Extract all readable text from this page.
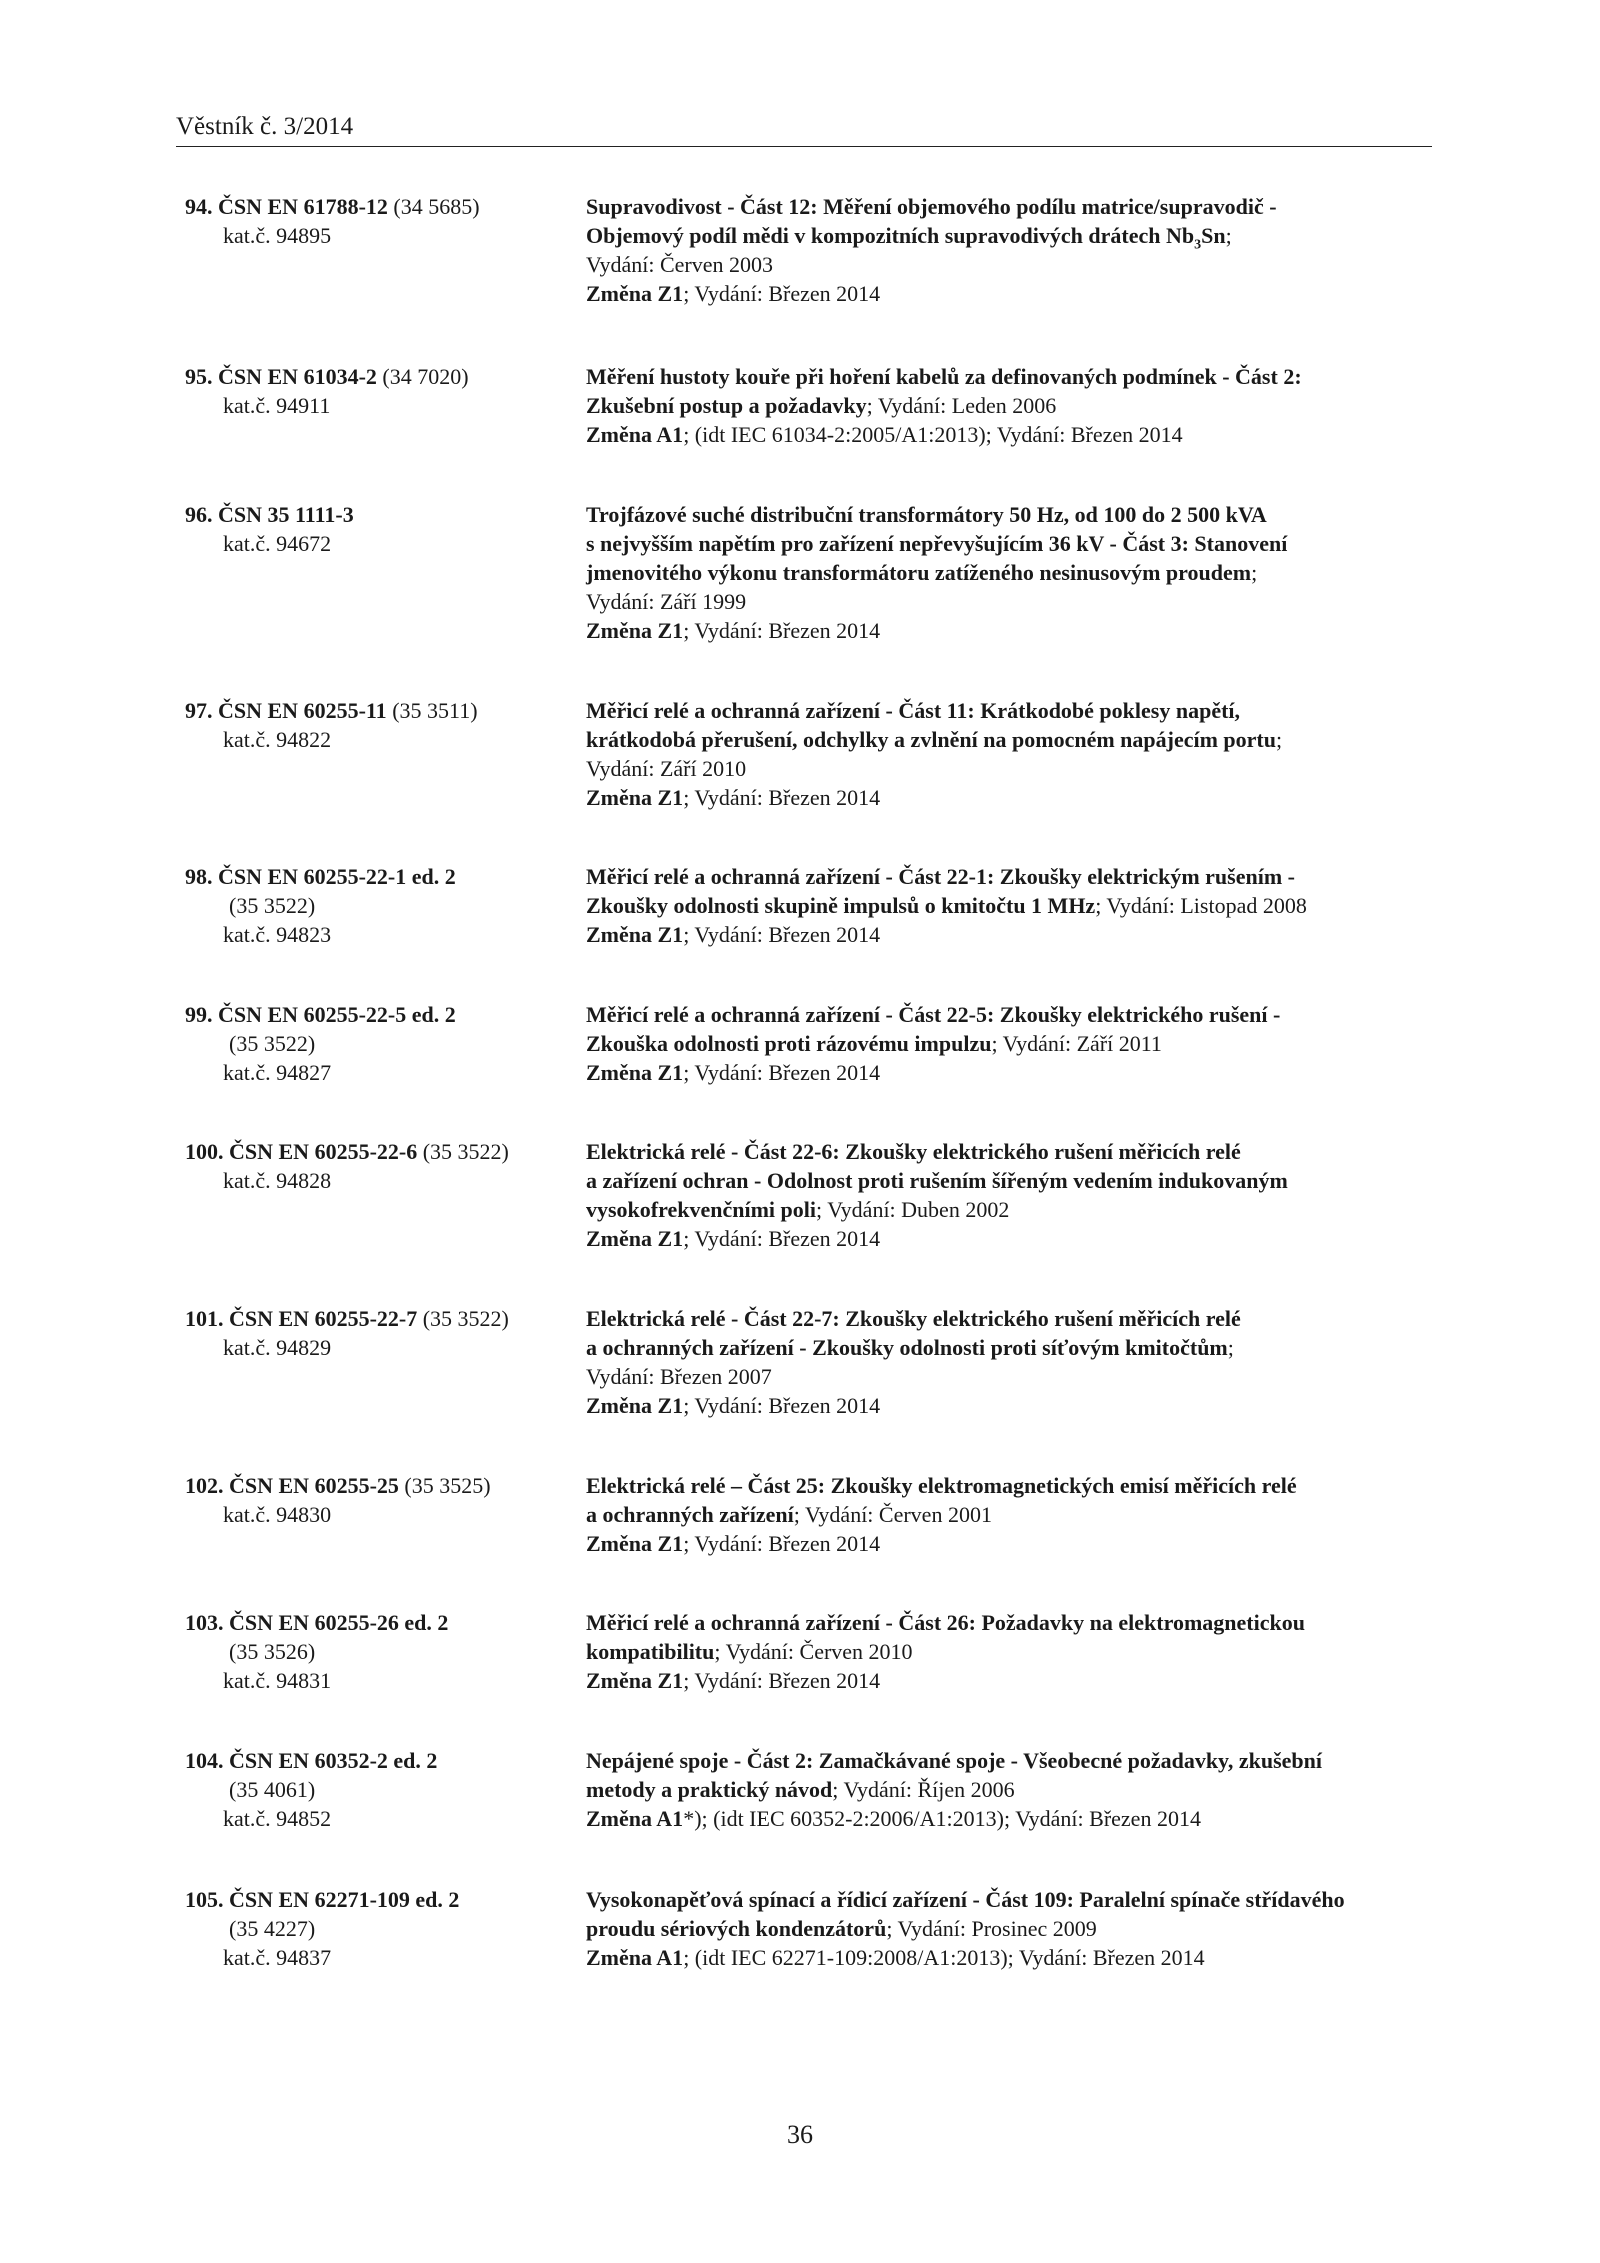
Věstník č. 3/2014
94. ČSN EN 61788-12 (34 5685)
kat.č. 94895
Supravodivost - Část 12: Měření objemového podílu matrice/supravodič -
Objemový podíl mědi v kompozitních supravodivých drátech $Nb_3Sn$;
Vydání: Červen 2003
Změna Z1; Vydání: Březen 2014
95. ČSN EN 61034-2 (34 7020)
kat.č. 94911
Měření hustoty kouře při hoření kabelů za definovaných podmínek - Část 2:
Zkušební postup a požadavky; Vydání: Leden 2006
Změna A1; (idt IEC 61034-2:2005/A1:2013); Vydání: Březen 2014
96. ČSN 35 1111-3
kat.č. 94672
Trojfázové suché distribuční transformátory 50 Hz, od 100 do 2 500 kVA
s nejvyšším napětím pro zařízení nepřevyšujícím 36 kV - Část 3: Stanovení
jmenovitého výkonu transformátoru zatíženého nesinusovým proudem;
Vydání: Září 1999
Změna Z1; Vydání: Březen 2014
97. ČSN EN 60255-11 (35 3511)
kat.č. 94822
Měřicí relé a ochranná zařízení - Část 11: Krátkodobé poklesy napětí,
krátkodobá přerušení, odchylky a zvlnění na pomocném napájecím portu;
Vydání: Září 2010
Změna Z1; Vydání: Březen 2014
98. ČSN EN 60255-22-1 ed. 2
(35 3522)
kat.č. 94823
Měřicí relé a ochranná zařízení - Část 22-1: Zkoušky elektrickým rušením -
Zkoušky odolnosti skupině impulsů o kmitočtu 1 MHz; Vydání: Listopad 2008
Změna Z1; Vydání: Březen 2014
99. ČSN EN 60255-22-5 ed. 2
(35 3522)
kat.č. 94827
Měřicí relé a ochranná zařízení - Část 22-5: Zkoušky elektrického rušení -
Zkouška odolnosti proti rázovému impulzu; Vydání: Září 2011
Změna Z1; Vydání: Březen 2014
100. ČSN EN 60255-22-6 (35 3522)
kat.č. 94828
Elektrická relé - Část 22-6: Zkoušky elektrického rušení měřicích relé
a zařízení ochran - Odolnost proti rušením šířeným vedením indukovaným
vysokofrekvenčními poli; Vydání: Duben 2002
Změna Z1; Vydání: Březen 2014
101. ČSN EN 60255-22-7 (35 3522)
kat.č. 94829
Elektrická relé - Část 22-7: Zkoušky elektrického rušení měřicích relé
a ochranných zařízení - Zkoušky odolnosti proti síťovým kmitočtům;
Vydání: Březen 2007
Změna Z1; Vydání: Březen 2014
102. ČSN EN 60255-25 (35 3525)
kat.č. 94830
Elektrická relé – Část 25: Zkoušky elektromagnetických emisí měřicích relé
a ochranných zařízení; Vydání: Červen 2001
Změna Z1; Vydání: Březen 2014
103. ČSN EN 60255-26 ed. 2
(35 3526)
kat.č. 94831
Měřicí relé a ochranná zařízení - Část 26: Požadavky na elektromagnetickou
kompatibilitu; Vydání: Červen 2010
Změna Z1; Vydání: Březen 2014
104. ČSN EN 60352-2 ed. 2
(35 4061)
kat.č. 94852
Nepájené spoje - Část 2: Zamačkávané spoje - Všeobecné požadavky, zkušební
metody a praktický návod; Vydání: Říjen 2006
Změna A1*); (idt IEC 60352-2:2006/A1:2013); Vydání: Březen 2014
105. ČSN EN 62271-109 ed. 2
(35 4227)
kat.č. 94837
Vysokonapěťová spínací a řídicí zařízení - Část 109: Paralelní spínače střídavého
proudu sériových kondenzátorů; Vydání: Prosinec 2009
Změna A1; (idt IEC 62271-109:2008/A1:2013); Vydání: Březen 2014
36
